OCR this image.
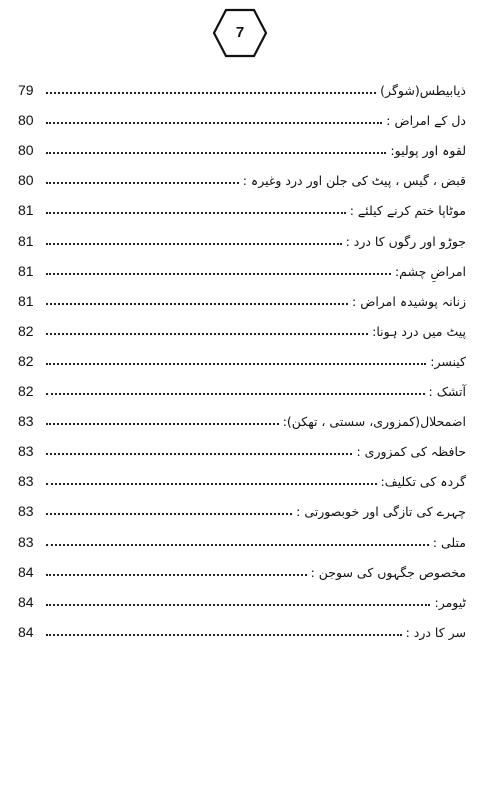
7
79	ذیابیطس(شوگر)
80	دل کے امراض :
80	لقوہ اور پولیو:
80	قبض ، گیس ، پیٹ کی جلن اور درد وغیرہ :
81	موٹاپا ختم کرنے کیلئے :
81	جوڑو اور رگوں کا درد :
81	امراضِ چشم:
81	زنانہ پوشیدہ امراض :
82	پیٹ میں درد ہونا:
82	کینسر:
82	آتشک :
83	اضمحلال(کمزوری، سستی ، تھکن):
83	حافظہ کی کمزوری :
83	گردہ کی تکلیف:
83	چہرے کی تازگی اور خوبصورتی :
83	متلی :
84	مخصوص جگہوں کی سوجن :
84	ٹیومر:
84	سر کا درد :
